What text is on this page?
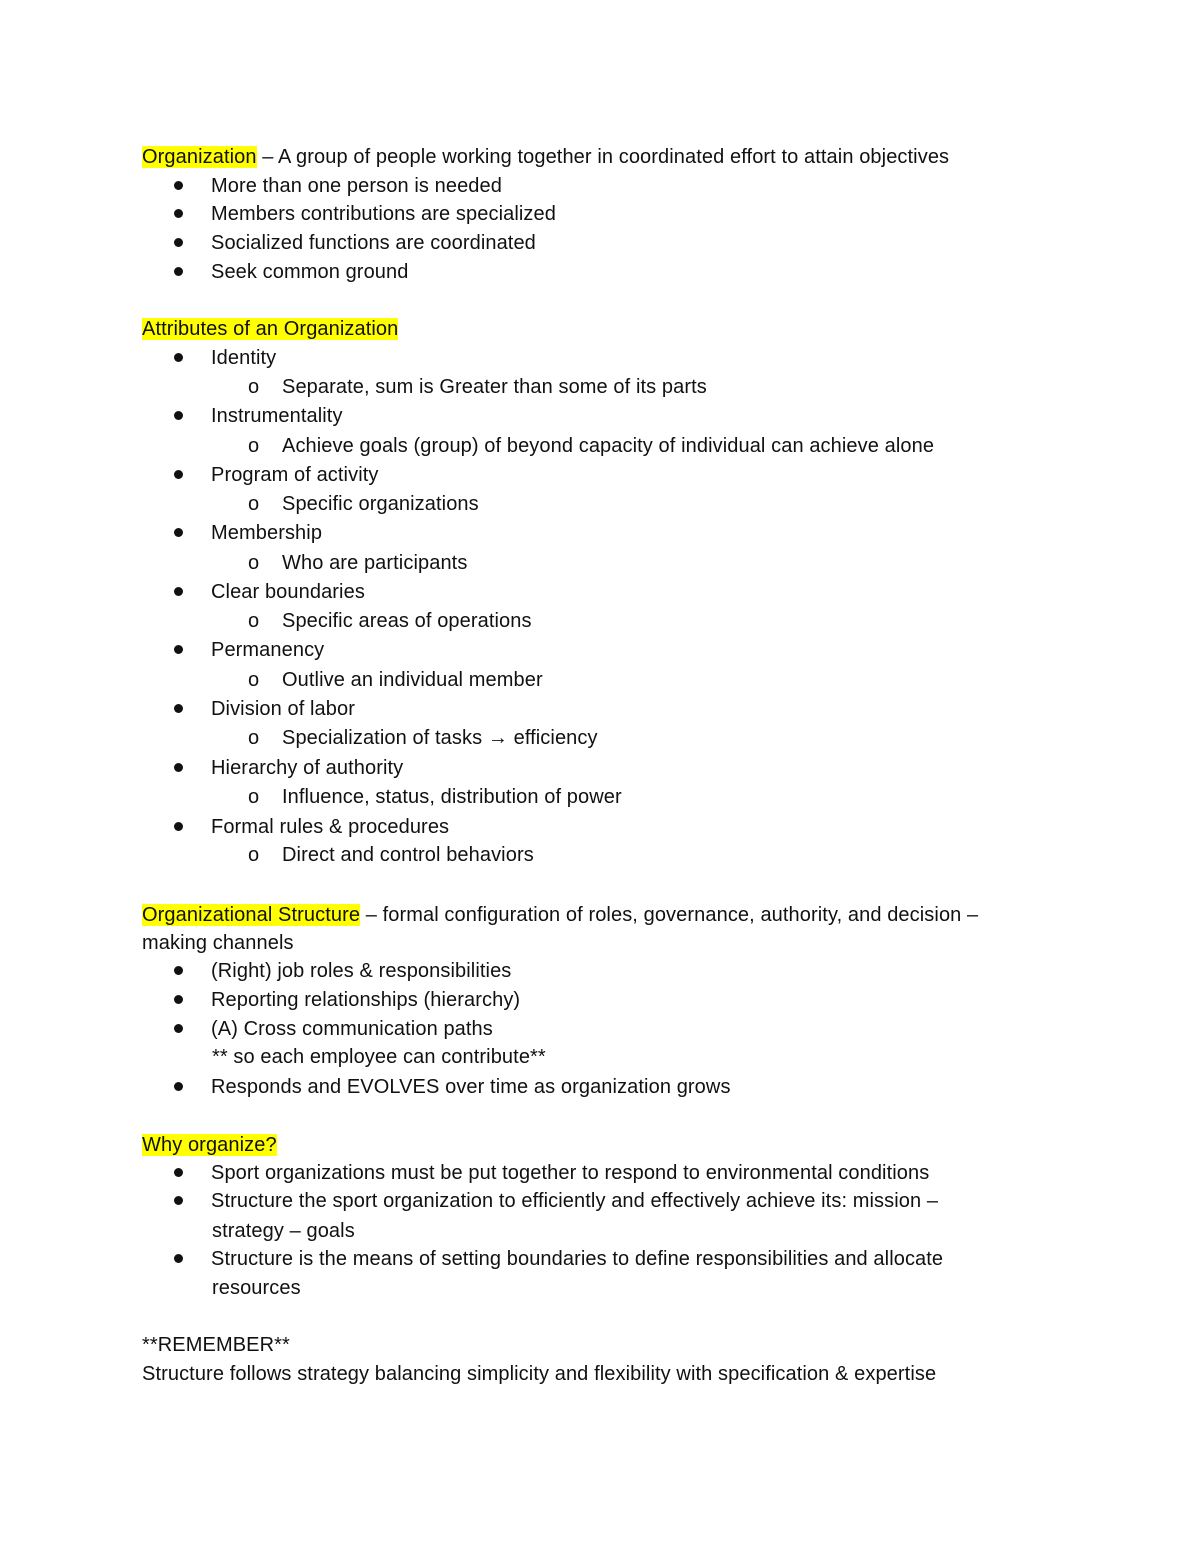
Organization – A group of people working together in coordinated effort to attain objectives
More than one person is needed
Members contributions are specialized
Socialized functions are coordinated
Seek common ground
Attributes of an Organization
Identity
o Separate, sum is Greater than some of its parts
Instrumentality
o Achieve goals (group) of beyond capacity of individual can achieve alone
Program of activity
o Specific organizations
Membership
o Who are participants
Clear boundaries
o Specific areas of operations
Permanency
o Outlive an individual member
Division of labor
o Specialization of tasks → efficiency
Hierarchy of authority
o Influence, status, distribution of power
Formal rules & procedures
o Direct and control behaviors
Organizational Structure – formal configuration of roles, governance, authority, and decision –
making channels
(Right) job roles & responsibilities
Reporting relationships (hierarchy)
(A) Cross communication paths
** so each employee can contribute**
Responds and EVOLVES over time as organization grows
Why organize?
Sport organizations must be put together to respond to environmental conditions
Structure the sport organization to efficiently and effectively achieve its: mission –
strategy – goals
Structure is the means of setting boundaries to define responsibilities and allocate
resources
**REMEMBER**
Structure follows strategy balancing simplicity and flexibility with specification & expertise
